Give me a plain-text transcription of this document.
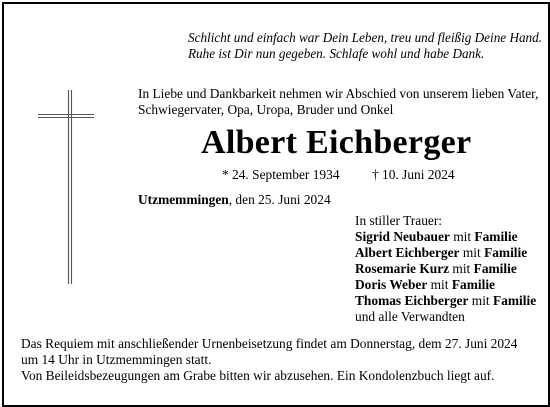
Schlicht und einfach war Dein Leben, treu und fleißig Deine Hand.
Ruhe ist Dir nun gegeben. Schlafe wohl und habe Dank.
In Liebe und Dankbarkeit nehmen wir Abschied von unserem lieben Vater,
Schwiegervater, Opa, Uropa, Bruder und Onkel
Albert Eichberger
* 24. September 1934 † 10. Juni 2024
Utzmemmingen, den 25. Juni 2024
In stiller Trauer:
Sigrid Neubauer mit Familie
Albert Eichberger mit Familie
Rosemarie Kurz mit Familie
Doris Weber mit Familie
Thomas Eichberger mit Familie
und alle Verwandten
Das Requiem mit anschließender Urnenbeisetzung findet am Donnerstag, dem 27. Juni 2024
um 14 Uhr in Utzmemmingen statt.
Von Beileidsbezeugungen am Grabe bitten wir abzusehen. Ein Kondolenzbuch liegt auf.
